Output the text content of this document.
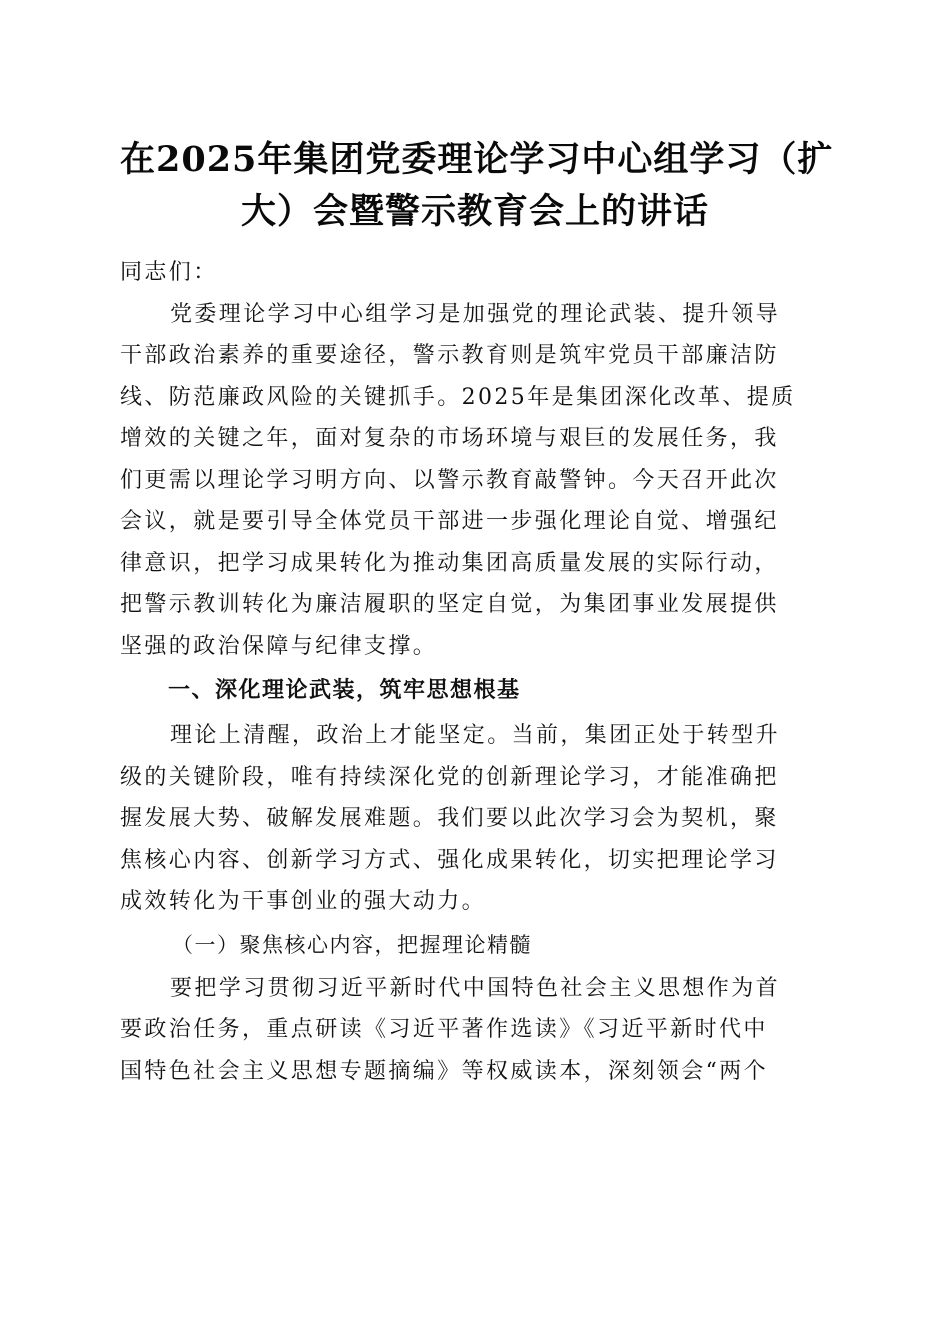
在2025年集团党委理论学习中心组学习（扩
大）会暨警示教育会上的讲话

同志们：

党委理论学习中心组学习是加强党的理论武装、提升领导
干部政治素养的重要途径，警示教育则是筑牢党员干部廉洁防
线、防范廉政风险的关键抓手。2025年是集团深化改革、提质
增效的关键之年，面对复杂的市场环境与艰巨的发展任务，我
们更需以理论学习明方向、以警示教育敲警钟。今天召开此次
会议，就是要引导全体党员干部进一步强化理论自觉、增强纪
律意识，把学习成果转化为推动集团高质量发展的实际行动，
把警示教训转化为廉洁履职的坚定自觉，为集团事业发展提供
坚强的政治保障与纪律支撑。

一、深化理论武装，筑牢思想根基

理论上清醒，政治上才能坚定。当前，集团正处于转型升
级的关键阶段，唯有持续深化党的创新理论学习，才能准确把
握发展大势、破解发展难题。我们要以此次学习会为契机，聚
焦核心内容、创新学习方式、强化成果转化，切实把理论学习
成效转化为干事创业的强大动力。

（一）聚焦核心内容，把握理论精髓

要把学习贯彻习近平新时代中国特色社会主义思想作为首
要政治任务，重点研读《习近平著作选读》《习近平新时代中
国特色社会主义思想专题摘编》等权威读本，深刻领会“两个
